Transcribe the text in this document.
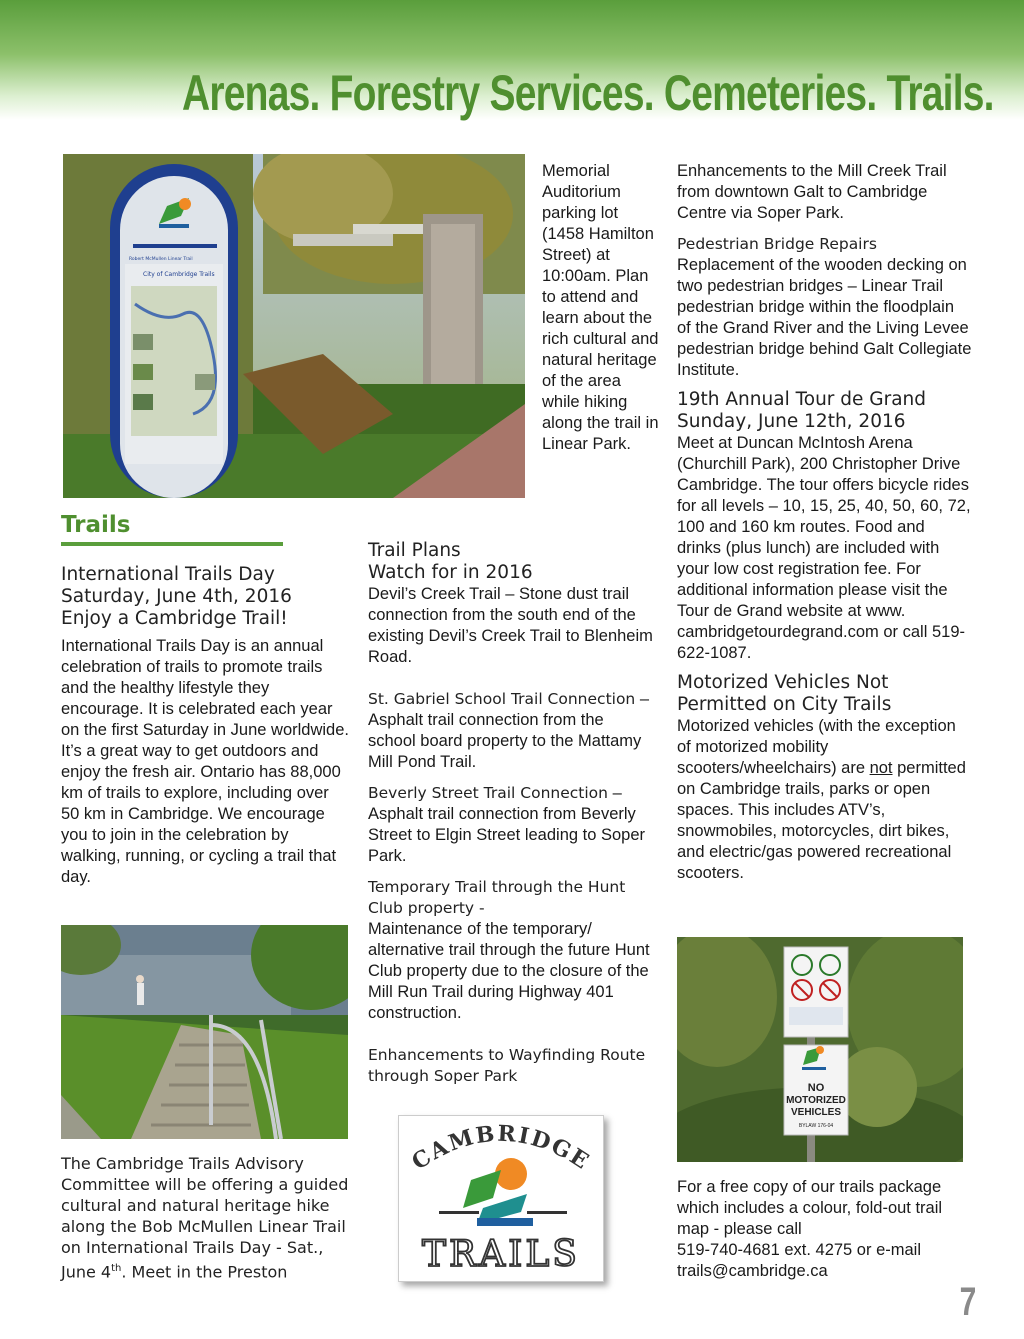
Arenas. Forestry Services. Cemeteries. Trails.
City of Cambridge Trails
Robert McMullen Linear Trail
Memorial Auditorium parking lot (1458 Hamilton Street) at 10:00am. Plan to attend and learn about the rich cultural and natural heritage of the area while hiking along the trail in Linear Park.
Trails

International Trails Day

Saturday, June 4th, 2016

Enjoy a Cambridge Trail!

International Trails Day is an annual celebration of trails to promote trails and the healthy lifestyle they encourage. It is celebrated each year on the first Saturday in June worldwide. It’s a great way to get outdoors and enjoy the fresh air. Ontario has 88,000 km of trails to explore, including over 50 km in Cambridge. We encourage you to join in the celebration by walking, running, or cycling a trail that day.

The Cambridge Trails Advisory Committee will be offering a guided cultural and natural heritage hike along the Bob McMullen Linear Trail on International Trails Day - Sat., June 4th. Meet in the Preston

Trail Plans

Watch for in 2016

Devil’s Creek Trail – Stone dust trail connection from the south end of the existing Devil’s Creek Trail to Blenheim Road.

St. Gabriel School Trail Connection – Asphalt trail connection from the school board property to the Mattamy Mill Pond Trail.

Beverly Street Trail Connection – Asphalt trail connection from Beverly Street to Elgin Street leading to Soper Park.

Temporary Trail through the Hunt Club property -

Maintenance of the temporary/ alternative trail through the future Hunt Club property due to the closure of the Mill Run Trail during Highway 401 construction.

Enhancements to Wayfinding Route through Soper Park

CAMBRIDGE
TRAILS

Enhancements to the Mill Creek Trail from downtown Galt to Cambridge Centre via Soper Park.

Pedestrian Bridge Repairs

Replacement of the wooden decking on two pedestrian bridges – Linear Trail pedestrian bridge within the floodplain of the Grand River and the Living Levee pedestrian bridge behind Galt Collegiate Institute.

19th Annual Tour de Grand

Sunday, June 12th, 2016

Meet at Duncan McIntosh Arena (Churchill Park), 200 Christopher Drive Cambridge. The tour offers bicycle rides for all levels – 10, 15, 25, 40, 50, 60, 72, 100 and 160 km routes. Food and drinks (plus lunch) are included with your low cost registration fee. For additional information please visit the Tour de Grand website at www. cambridgetourdegrand.com or call 519- 622-1087.

Motorized Vehicles Not

Permitted on City Trails

Motorized vehicles (with the exception of motorized mobility scooters/wheelchairs) are not permitted on Cambridge trails, parks or open spaces. This includes ATV’s, snowmobiles, motorcycles, dirt bikes, and electric/gas powered recreational scooters.

NO
MOTORIZED
VEHICLES
BYLAW 176-04

For a free copy of our trails package which includes a colour, fold-out trail map - please call

519-740-4681 ext. 4275 or e-mail

trails@cambridge.ca

7
